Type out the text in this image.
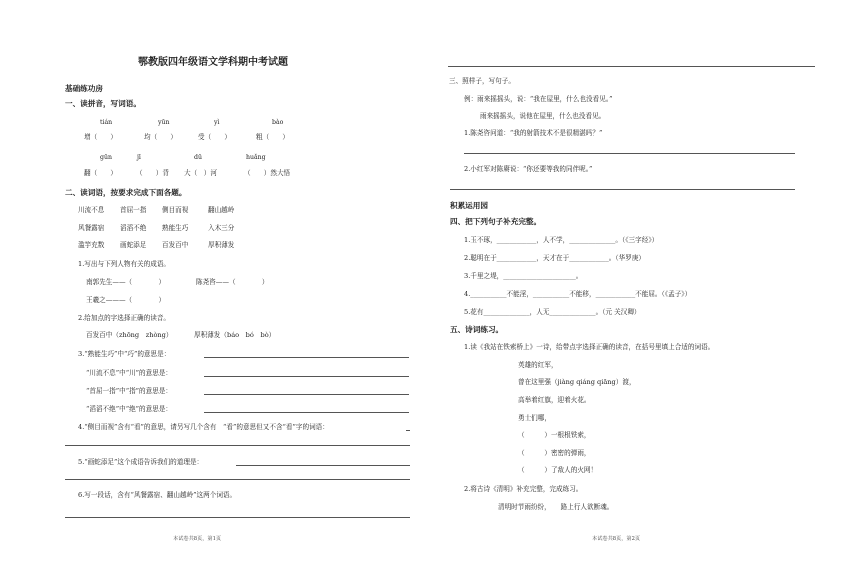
鄂教版四年级语文学科期中考试题
基础练功房
一、读拼音，写词语。
tián	yūn	yì	bào
增（　　）	均（　　）	受（　　）	粗（　　）
gūn	jī	dū	huǎng
翻（　　）	（　　）背 大（　）河	（　　）然大悟
二、读词语，按要求完成下面各题。
川流不息 首屈一指 侧目而视	翻山越岭
风餐露宿 滔滔不绝 熟能生巧	入木三分
滥竽充数 画蛇添足 百发百中	厚积薄发
1.写出与下列人物有关的成语。
南郭先生——（　　　　）	陈尧咨——（　　　　）
王羲之———（　　　　）
2.给加点的字选择正确的读音。
百发百中（zhōng　zhòng）	厚积薄发（báo　bó　bò）
3.“熟能生巧”中“巧”的意思是：
“川流不息”中“川”的意思是：
“首屈一指”中“指”的意思是：
“滔滔不绝”中“绝”的意思是：
4.“侧目而视”含有“看”的意思，请另写几个含有　“看”的意思但又不含“看”字的词语：
5.“画蛇添足”这个成语告诉我们的道理是：
6.写一段话，含有“风餐露宿、翻山越岭”这两个词语。
本试卷共8页，第1页
三、照样子，写句子。
例：雨来摇摇头，说：“我在屋里，什么也没看见。”
雨来摇摇头，说他在屋里，什么也没看见。
1.陈尧咨问道：“我的射箭技术不是很精湛吗？”
2.小红军对陈赓说：“你还要等我的同伴呢。”
积累运用园
四、把下列句子补充完整。
1.玉不琢，____________，人不学，______________。（《三字经》）
2.聪明在于____________，天才在于____________。（华罗庚）
3.千里之堤，______________________。
4.___________不能淫，___________不能移，____________不能屈。（《孟子》）
5.花有______________，人无______________。（元 关汉卿）
五、诗词练习。
1.读《我站在铁索桥上》一诗，给带点字选择正确的读音，在括号里填上合适的词语。
英雄的红军，
曾在这里强（jiàng qiáng qiāng）渡，
高举着红旗，迎着火花。
勇士们哪，
（　　　）一根根铁索，
（　　　）密密的弹雨，
（　　　）了敌人的火网！
2.将古诗《清明》补充完整，完成练习。
清明时节雨纷纷，　　路上行人欲断魂。
本试卷共8页，第2页
